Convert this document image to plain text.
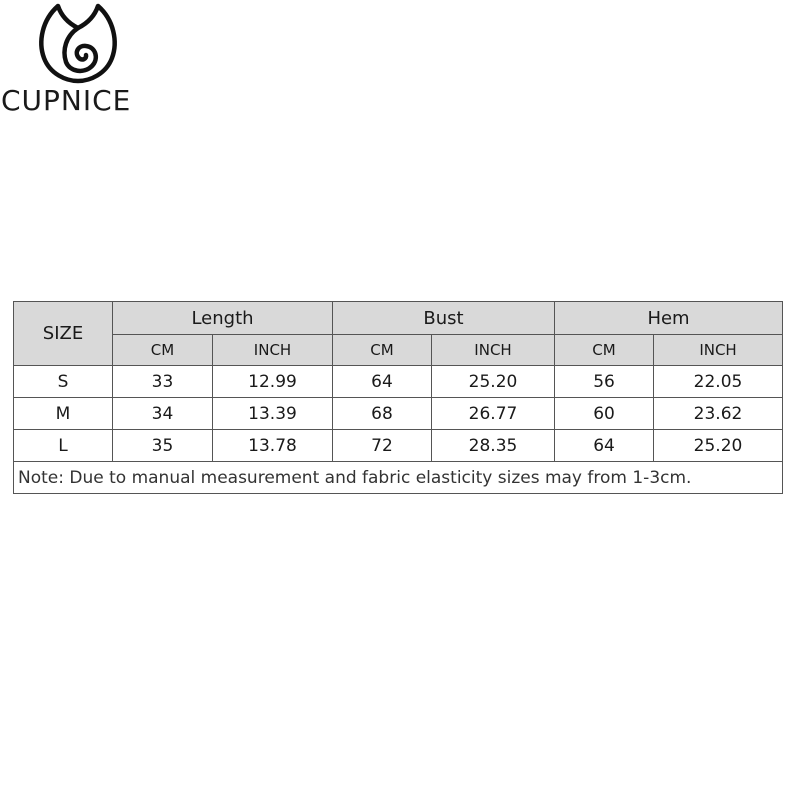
CUPNICE
SIZE	Length		Bust		Hem	
	CM	INCH	CM	INCH	CM	INCH
S	33	12.99	64	25.20	56	22.05
M	34	13.39	68	26.77	60	23.62
L	35	13.78	72	28.35	64	25.20
Note: Due to manual measurement and fabric elasticity sizes may from 1-3cm.						
